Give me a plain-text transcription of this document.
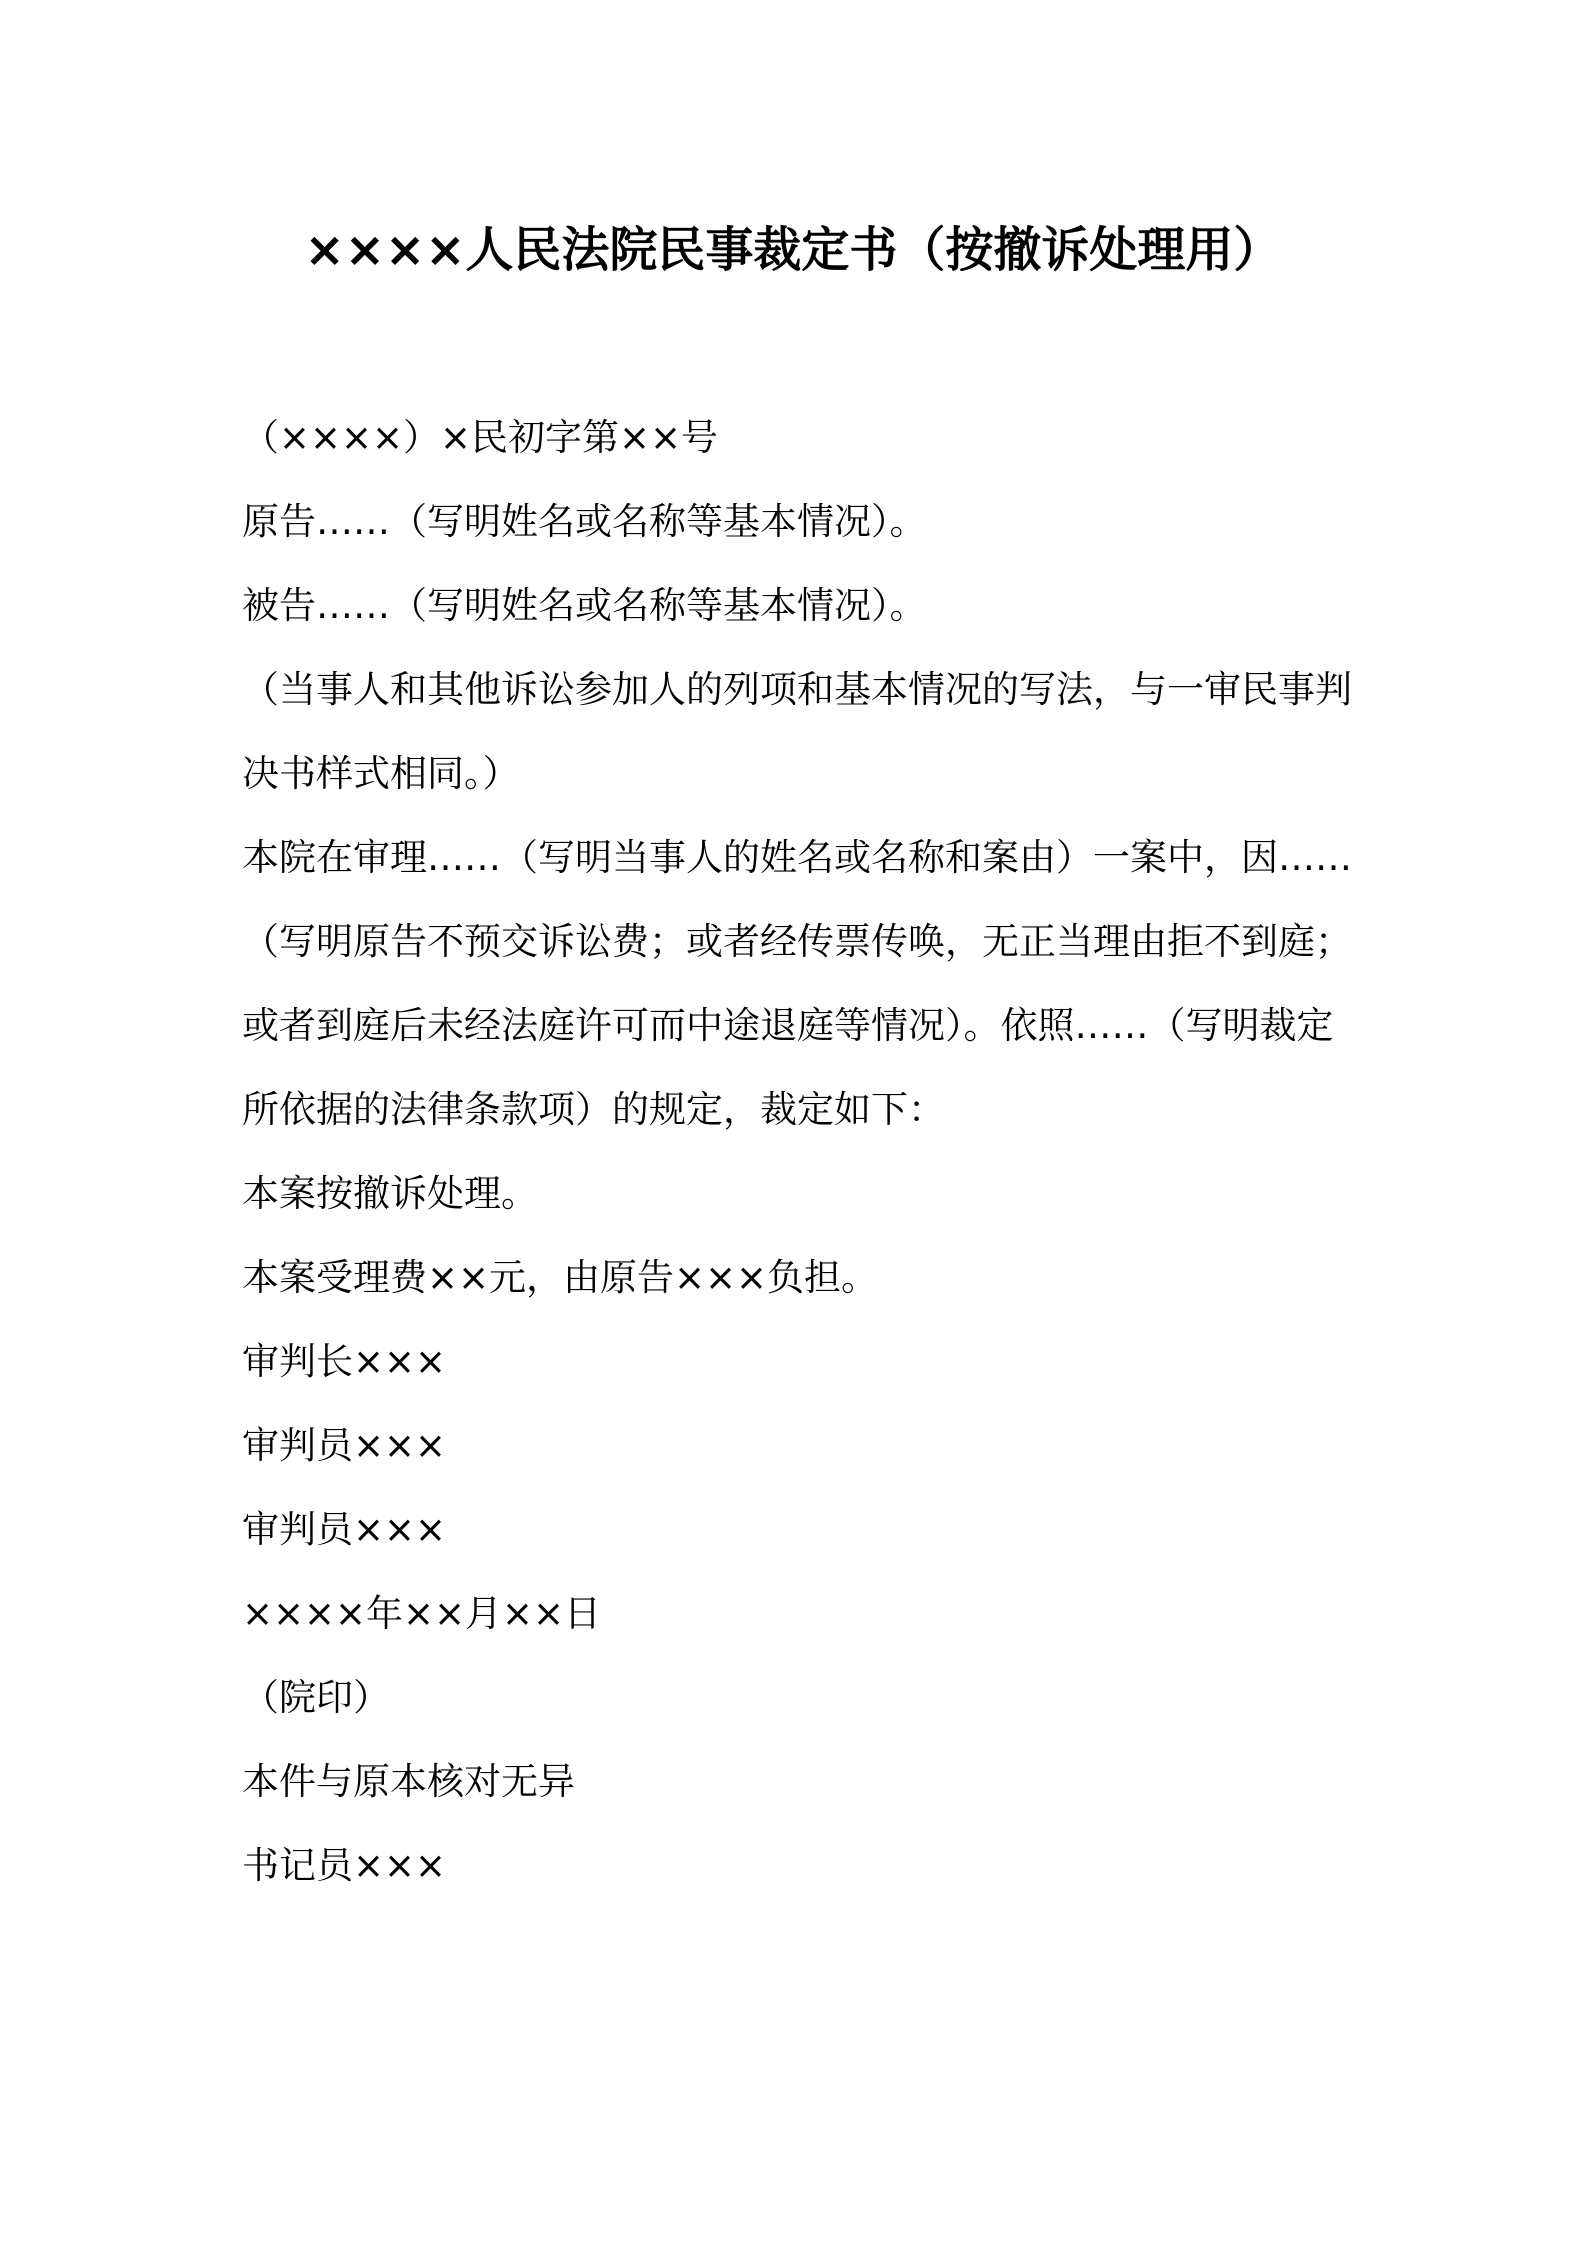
××××人民法院民事裁定书（按撤诉处理用）
（××××）×民初字第××号
原告……（写明姓名或名称等基本情况）。
被告……（写明姓名或名称等基本情况）。
（当事人和其他诉讼参加人的列项和基本情况的写法，与一审民事判
决书样式相同。）
本院在审理……（写明当事人的姓名或名称和案由）一案中，因……
（写明原告不预交诉讼费；或者经传票传唤，无正当理由拒不到庭；
或者到庭后未经法庭许可而中途退庭等情况）。依照……（写明裁定
所依据的法律条款项）的规定，裁定如下：
本案按撤诉处理。
本案受理费××元，由原告×××负担。
审判长×××
审判员×××
审判员×××
××××年××月××日
（院印）
本件与原本核对无异
书记员×××
